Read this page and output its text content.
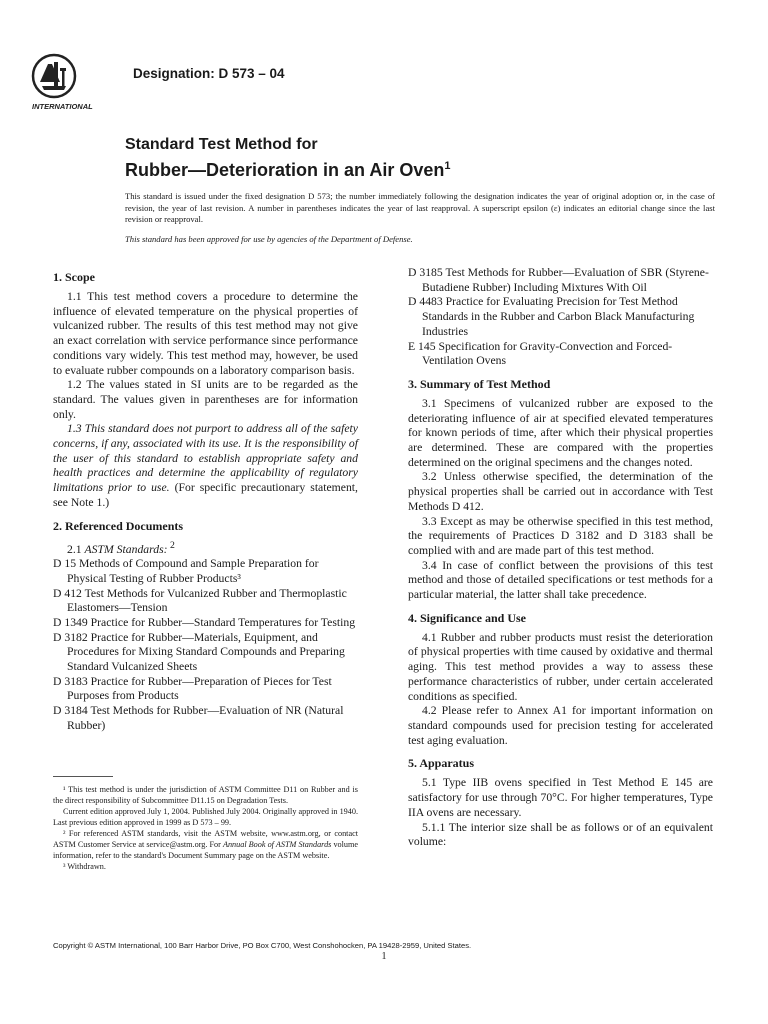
INTERNATIONAL
Designation: D 573 – 04
Standard Test Method for
Rubber—Deterioration in an Air Oven$^1$
This standard is issued under the fixed designation D 573; the number immediately following the designation indicates the year of original adoption or, in the case of revision, the year of last revision. A number in parentheses indicates the year of last reapproval. A superscript epsilon (ε) indicates an editorial change since the last revision or reapproval.
This standard has been approved for use by agencies of the Department of Defense.
1. Scope

1.1 This test method covers a procedure to determine the influence of elevated temperature on the physical properties of vulcanized rubber. The results of this test method may not give an exact correlation with service performance since performance conditions vary widely. This test method may, however, be used to evaluate rubber compounds on a laboratory comparison basis.

1.2 The values stated in SI units are to be regarded as the standard. The values given in parentheses are for information only.

1.3 This standard does not purport to address all of the safety concerns, if any, associated with its use. It is the responsibility of the user of this standard to establish appropriate safety and health practices and determine the applicability of regulatory limitations prior to use. (For specific precautionary statement, see Note 1.)

2. Referenced Documents

2.1 ASTM Standards: $^2$

D 15 Methods of Compound and Sample Preparation for Physical Testing of Rubber Products³
D 412 Test Methods for Vulcanized Rubber and Thermoplastic Elastomers—Tension
D 1349 Practice for Rubber—Standard Temperatures for Testing
D 3182 Practice for Rubber—Materials, Equipment, and Procedures for Mixing Standard Compounds and Preparing Standard Vulcanized Sheets
D 3183 Practice for Rubber—Preparation of Pieces for Test Purposes from Products
D 3184 Test Methods for Rubber—Evaluation of NR (Natural Rubber)
D 3185 Test Methods for Rubber—Evaluation of SBR (Styrene-Butadiene Rubber) Including Mixtures With Oil
D 4483 Practice for Evaluating Precision for Test Method Standards in the Rubber and Carbon Black Manufacturing Industries
E 145 Specification for Gravity-Convection and Forced-Ventilation Ovens
3. Summary of Test Method

3.1 Specimens of vulcanized rubber are exposed to the deteriorating influence of air at specified elevated temperatures for known periods of time, after which their physical properties are determined. These are compared with the properties determined on the original specimens and the changes noted.

3.2 Unless otherwise specified, the determination of the physical properties shall be carried out in accordance with Test Methods D 412.

3.3 Except as may be otherwise specified in this test method, the requirements of Practices D 3182 and D 3183 shall be complied with and are made part of this test method.

3.4 In case of conflict between the provisions of this test method and those of detailed specifications or test methods for a particular material, the latter shall take precedence.

4. Significance and Use

4.1 Rubber and rubber products must resist the deterioration of physical properties with time caused by oxidative and thermal aging. This test method provides a way to assess these performance characteristics of rubber, under certain accelerated conditions as specified.

4.2 Please refer to Annex A1 for important information on standard compounds used for precision testing for accelerated test aging evaluation.

5. Apparatus

5.1 Type IIB ovens specified in Test Method E 145 are satisfactory for use through 70°C. For higher temperatures, Type IIA ovens are necessary.

5.1.1 The interior size shall be as follows or of an equivalent volume:

¹ This test method is under the jurisdiction of ASTM Committee D11 on Rubber and is the direct responsibility of Subcommittee D11.15 on Degradation Tests.
Current edition approved July 1, 2004. Published July 2004. Originally approved in 1940. Last previous edition approved in 1999 as D 573 – 99.
² For referenced ASTM standards, visit the ASTM website, www.astm.org, or contact ASTM Customer Service at service@astm.org. For Annual Book of ASTM Standards volume information, refer to the standard's Document Summary page on the ASTM website.
³ Withdrawn.
Copyright © ASTM International, 100 Barr Harbor Drive, PO Box C700, West Conshohocken, PA 19428-2959, United States.
1
